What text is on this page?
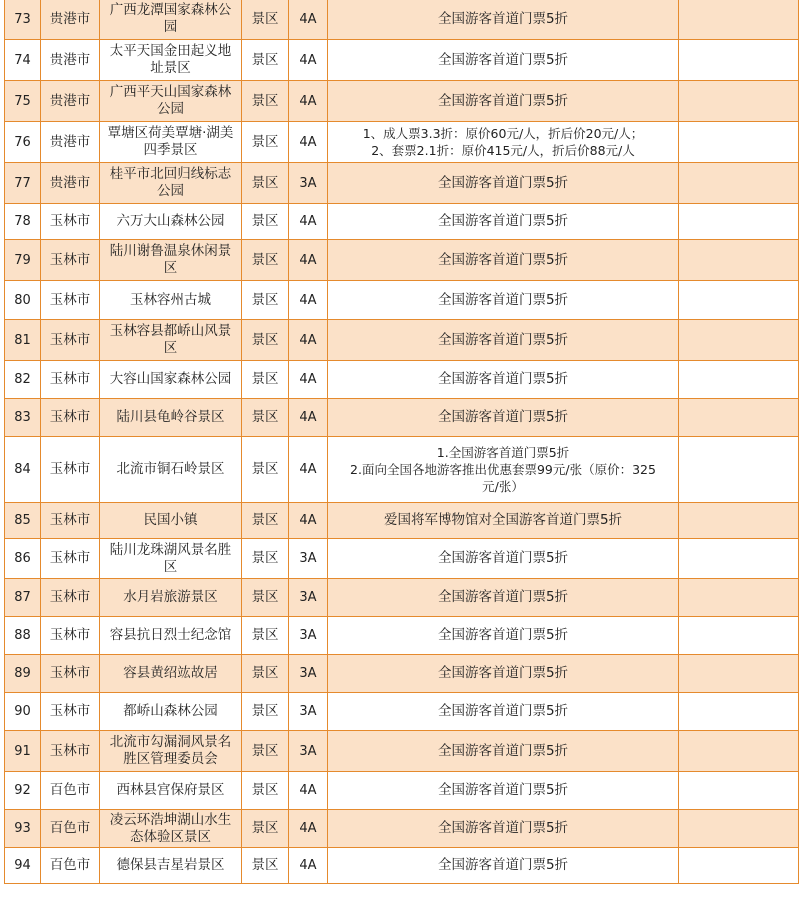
73	贵港市	广西龙潭国家森林公园	景区	4A	全国游客首道门票5折	

74	贵港市	太平天国金田起义地址景区	景区	4A	全国游客首道门票5折	

75	贵港市	广西平天山国家森林公园	景区	4A	全国游客首道门票5折	

76	贵港市	覃塘区荷美覃塘·湖美四季景区	景区	4A	1、成人票3.3折：原价60元/人，折后价20元/人；
2、套票2.1折：原价415元/人，折后价88元/人	

77	贵港市	桂平市北回归线标志公园	景区	3A	全国游客首道门票5折	

78	玉林市	六万大山森林公园	景区	4A	全国游客首道门票5折	

79	玉林市	陆川谢鲁温泉休闲景区	景区	4A	全国游客首道门票5折	

80	玉林市	玉林容州古城	景区	4A	全国游客首道门票5折	

81	玉林市	玉林容县都峤山风景区	景区	4A	全国游客首道门票5折	

82	玉林市	大容山国家森林公园	景区	4A	全国游客首道门票5折	

83	玉林市	陆川县龟岭谷景区	景区	4A	全国游客首道门票5折	

84	玉林市	北流市铜石岭景区	景区	4A	1.全国游客首道门票5折
2.面向全国各地游客推出优惠套票99元/张（原价：325
元/张）	

85	玉林市	民国小镇	景区	4A	爱国将军博物馆对全国游客首道门票5折	

86	玉林市	陆川龙珠湖风景名胜区	景区	3A	全国游客首道门票5折	

87	玉林市	水月岩旅游景区	景区	3A	全国游客首道门票5折	

88	玉林市	容县抗日烈士纪念馆	景区	3A	全国游客首道门票5折	

89	玉林市	容县黄绍竑故居	景区	3A	全国游客首道门票5折	

90	玉林市	都峤山森林公园	景区	3A	全国游客首道门票5折	

91	玉林市	北流市勾漏洞风景名胜区管理委员会	景区	3A	全国游客首道门票5折	

92	百色市	西林县宫保府景区	景区	4A	全国游客首道门票5折	

93	百色市	凌云环浩坤湖山水生态体验区景区	景区	4A	全国游客首道门票5折	

94	百色市	德保县吉星岩景区	景区	4A	全国游客首道门票5折	
